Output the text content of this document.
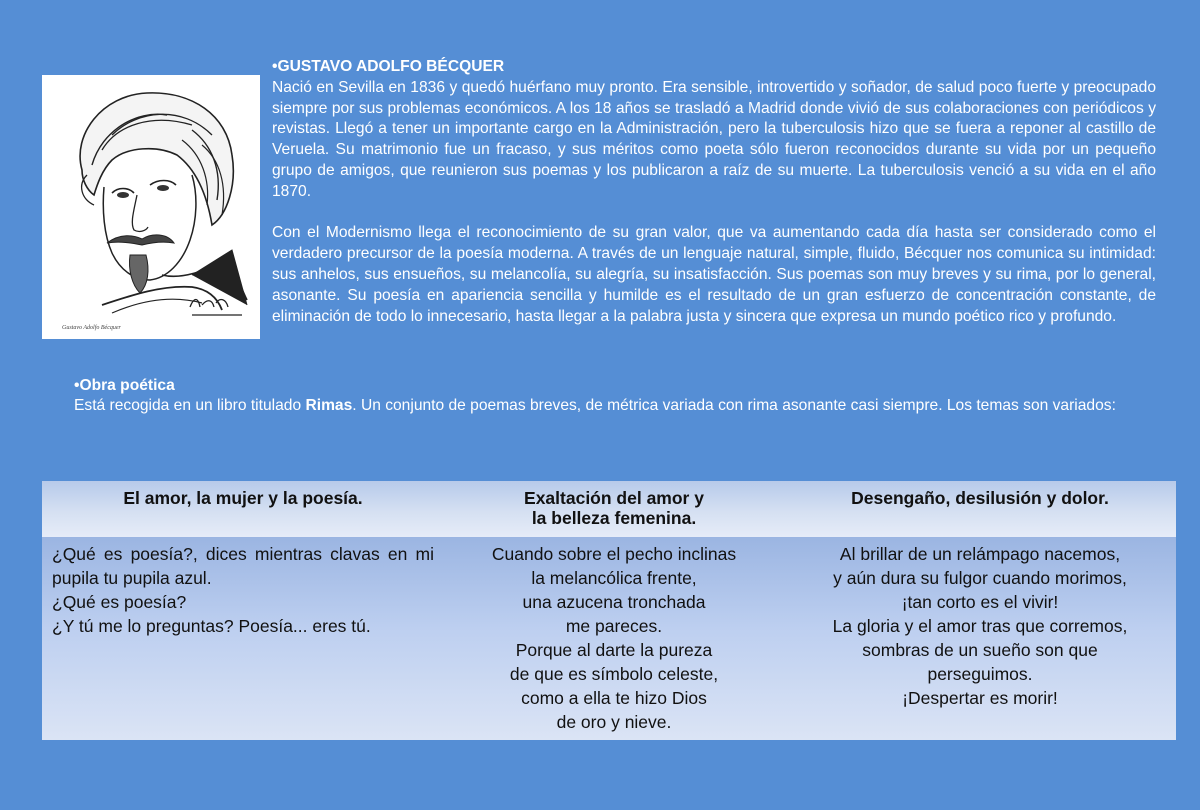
Gustavo Adolfo Bécquer
•GUSTAVO ADOLFO BÉCQUER

Nació en Sevilla en 1836 y quedó huérfano muy pronto. Era sensible, introvertido y soñador, de salud poco fuerte y preocupado siempre por sus problemas económicos. A los 18 años se trasladó a Madrid donde vivió de sus colaboraciones con periódicos y revistas. Llegó a tener un importante cargo en la Administración, pero la tuberculosis hizo que se fuera a reponer al castillo de Veruela. Su matrimonio fue un fracaso, y sus méritos como poeta sólo fueron reconocidos durante su vida por un pequeño grupo de amigos, que reunieron sus poemas y los publicaron a raíz de su muerte. La tuberculosis venció a su vida en el año 1870.

Con el Modernismo llega el reconocimiento de su gran valor, que va aumentando cada día hasta ser considerado como el verdadero precursor de la poesía moderna. A través de un lenguaje natural, simple, fluido, Bécquer nos comunica su intimidad: sus anhelos, sus ensueños, su melancolía, su alegría, su insatisfacción. Sus poemas son muy breves y su rima, por lo general, asonante. Su poesía en apariencia sencilla y humilde es el resultado de un gran esfuerzo de concentración constante, de eliminación de todo lo innecesario, hasta llegar a la palabra justa y sincera que expresa un mundo poético rico y profundo.

•Obra poética
Está recogida en un libro titulado Rimas. Un conjunto de poemas breves, de métrica variada con rima asonante casi siempre. Los temas son variados:
El amor, la mujer y la poesía.	Exaltación del amor y
la belleza femenina.
Desengaño, desilusión y dolor.
¿Qué es poesía?, dices mientras clavas en mi pupila tu pupila azul.
¿Qué es poesía?
¿Y tú me lo preguntas? Poesía... eres tú.
Cuando sobre el pecho inclinas
la melancólica frente,
una azucena tronchada
me pareces.
Porque al darte la pureza
de que es símbolo celeste,
como a ella te hizo Dios
de oro y nieve.
Al brillar de un relámpago nacemos,
y aún dura su fulgor cuando morimos,
¡tan corto es el vivir!
La gloria y el amor tras que corremos,
sombras de un sueño son que
perseguimos.
¡Despertar es morir!
